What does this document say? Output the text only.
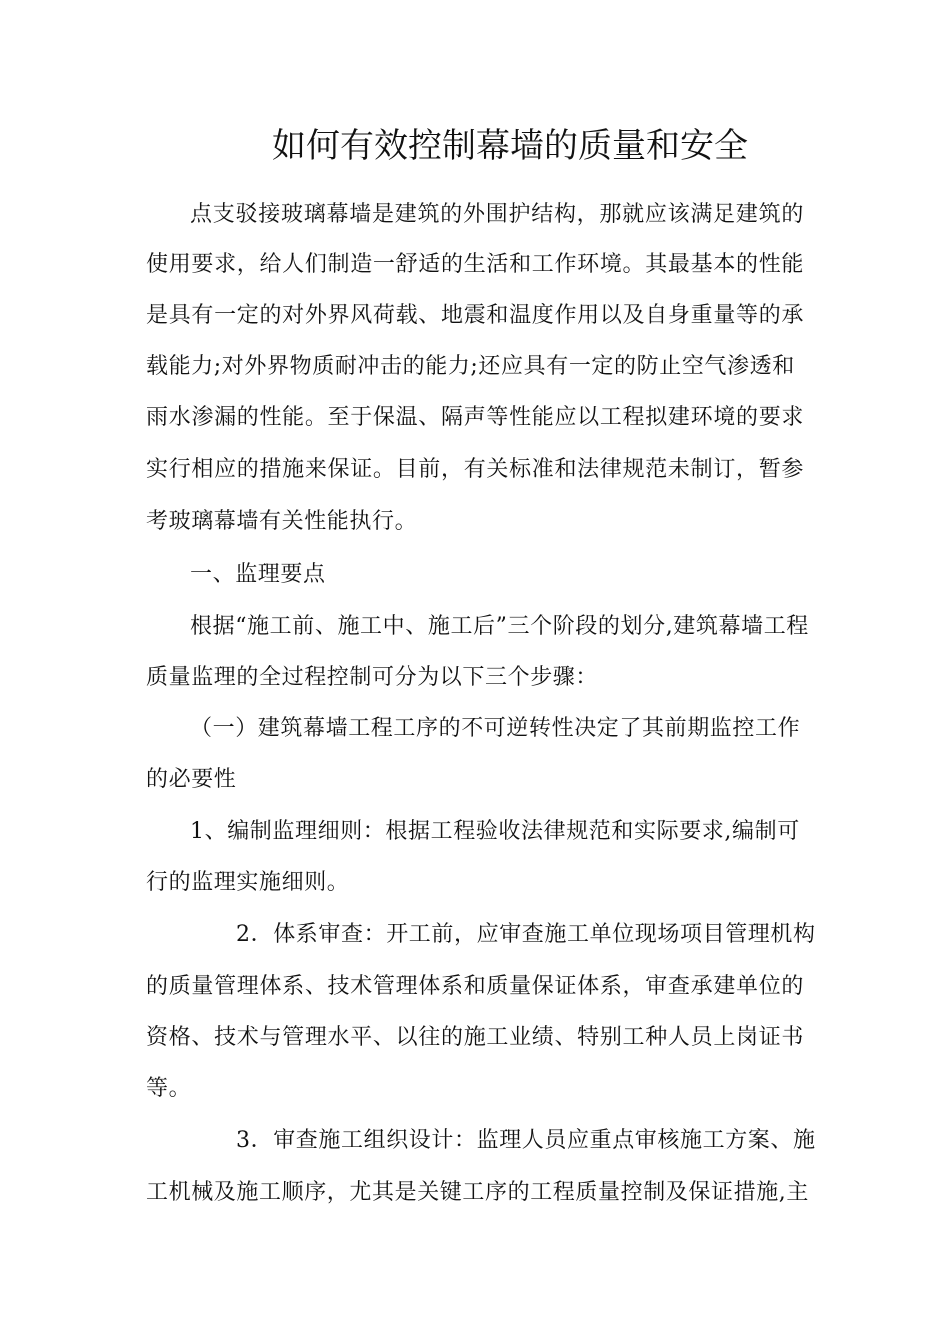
如何有效控制幕墙的质量和安全
点支驳接玻璃幕墙是建筑的外围护结构，那就应该满足建筑的
使用要求，给人们制造一舒适的生活和工作环境。其最基本的性能
是具有一定的对外界风荷载、地震和温度作用以及自身重量等的承
载能力;对外界物质耐冲击的能力;还应具有一定的防止空气渗透和
雨水渗漏的性能。至于保温、隔声等性能应以工程拟建环境的要求
实行相应的措施来保证。目前，有关标准和法律规范未制订，暂参
考玻璃幕墙有关性能执行。
一、监理要点
根据“施工前、施工中、施工后”三个阶段的划分,建筑幕墙工程
质量监理的全过程控制可分为以下三个步骤：
（一）建筑幕墙工程工序的不可逆转性决定了其前期监控工作
的必要性
1、编制监理细则：根据工程验收法律规范和实际要求,编制可
行的监理实施细则。
2．体系审查：开工前，应审查施工单位现场项目管理机构
的质量管理体系、技术管理体系和质量保证体系，审查承建单位的
资格、技术与管理水平、以往的施工业绩、特别工种人员上岗证书
等。
3．审查施工组织设计：监理人员应重点审核施工方案、施
工机械及施工顺序，尤其是关键工序的工程质量控制及保证措施,主
